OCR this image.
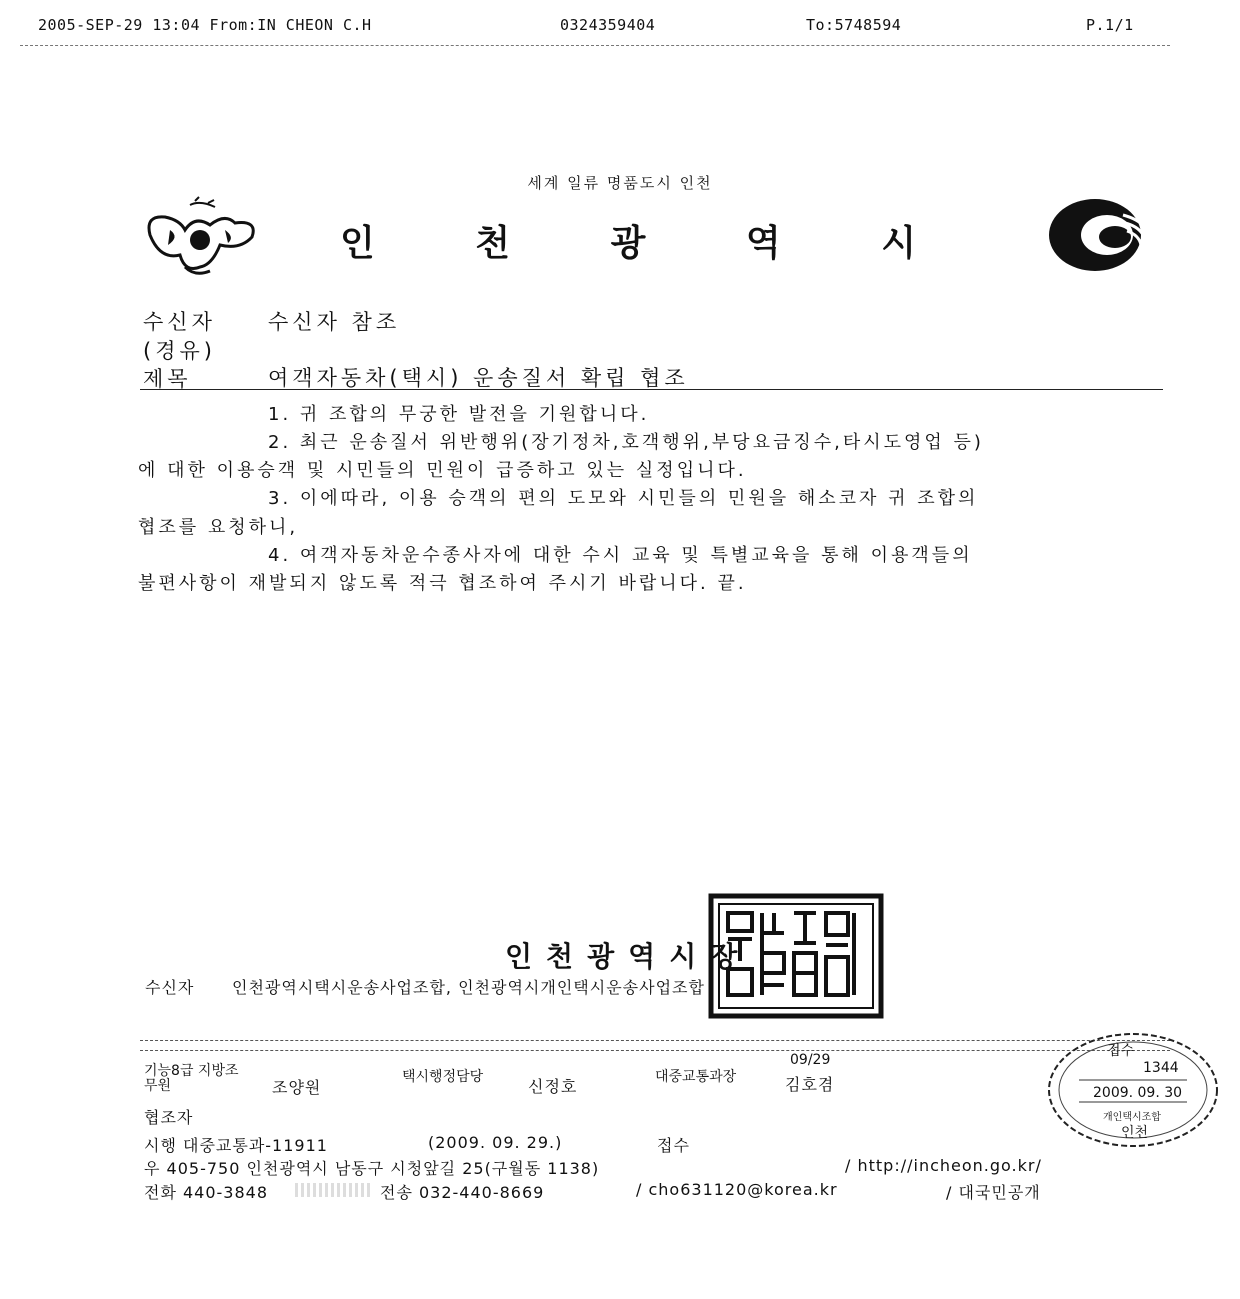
2005-SEP-29 13:04 From:IN CHEON C.H	0324359404	To:5748594	P.1/1
세계 일류 명품도시 인천
인 천 광 역 시
수신자 수신자 참조
(경유)
제목	여객자동차(택시) 운송질서 확립 협조
1. 귀 조합의 무궁한 발전을 기원합니다.
2. 최근 운송질서 위반행위(장기정차,호객행위,부당요금징수,타시도영업 등)
에 대한 이용승객 및 시민들의 민원이 급증하고 있는 실정입니다.
3. 이에따라, 이용 승객의 편의 도모와 시민들의 민원을 해소코자 귀 조합의
협조를 요청하니,
4. 여객자동차운수종사자에 대한 수시 교육 및 특별교육을 통해 이용객들의
불편사항이 재발되지 않도록 적극 협조하여 주시기 바랍니다. 끝.
인천광역시장
수신자 인천광역시택시운송사업조합, 인천광역시개인택시운송사업조합
기능8급 지방조
무원	조양원
택시행정담당	신정호
09/29
대중교통과장	김호겸
협조자
시행 대중교통과-11911	(2009. 09. 29.)	접수
우 405-750 인천광역시 남동구 시청앞길 25(구월동 1138)	/ http://incheon.go.kr/
전화 440-3848	전송 032-440-8669	/ cho631120@korea.kr	/ 대국민공개
접수
1344
2009. 09. 30
개인택시조합
인천
